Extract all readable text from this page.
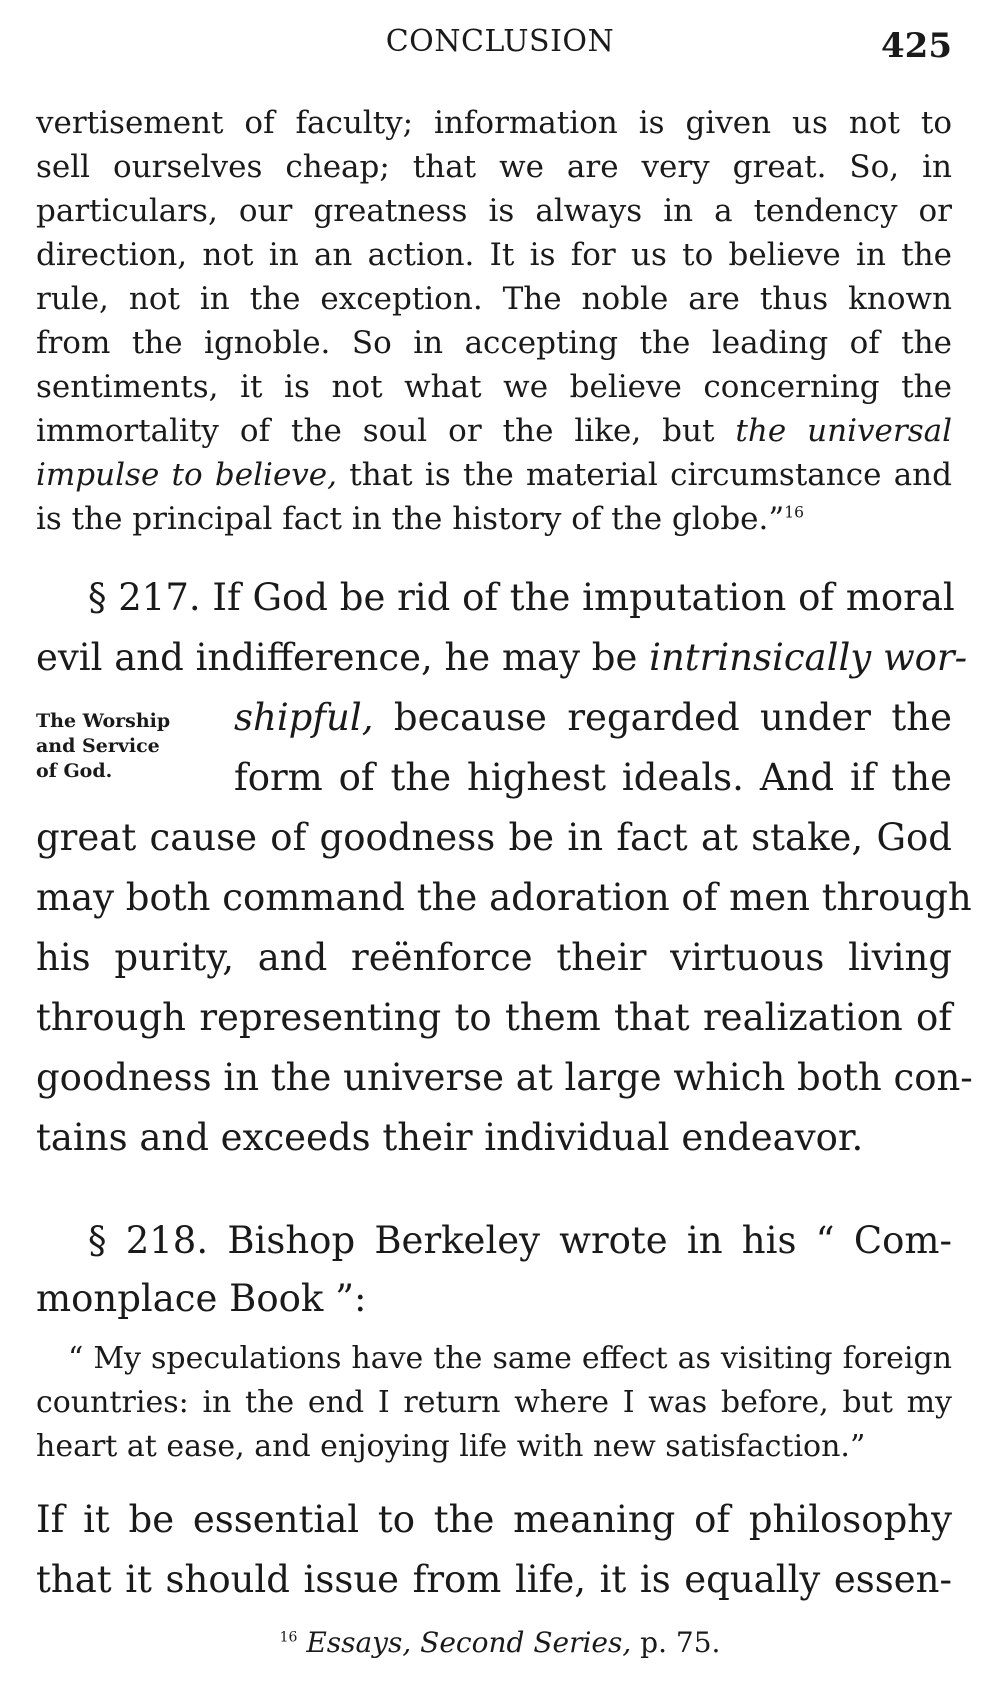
CONCLUSION	425
vertisement of faculty; information is given us not to
sell ourselves cheap; that we are very great. So, in
particulars, our greatness is always in a tendency or
direction, not in an action. It is for us to believe in the
rule, not in the exception. The noble are thus known
from the ignoble. So in accepting the leading of the
sentiments, it is not what we believe concerning the
immortality of the soul or the like, but the universal
impulse to believe, that is the material circumstance and
is the principal fact in the history of the globe.”$^{16}$
§ 217. If God be rid of the imputation of moral
evil and indifference, he may be intrinsically wor-
shipful, because regarded under the
form of the highest ideals. And if the
great cause of goodness be in fact at stake, God
may both command the adoration of men through
his purity, and reënforce their virtuous living
through representing to them that realization of
goodness in the universe at large which both con-
tains and exceeds their individual endeavor.
The Worship
and Service
of God.
§ 218. Bishop Berkeley wrote in his “ Com-
monplace Book ”:
“ My speculations have the same effect as visiting foreign
countries: in the end I return where I was before, but my
heart at ease, and enjoying life with new satisfaction.”
If it be essential to the meaning of philosophy
that it should issue from life, it is equally essen-
$^{16}$ Essays, Second Series, p. 75.
